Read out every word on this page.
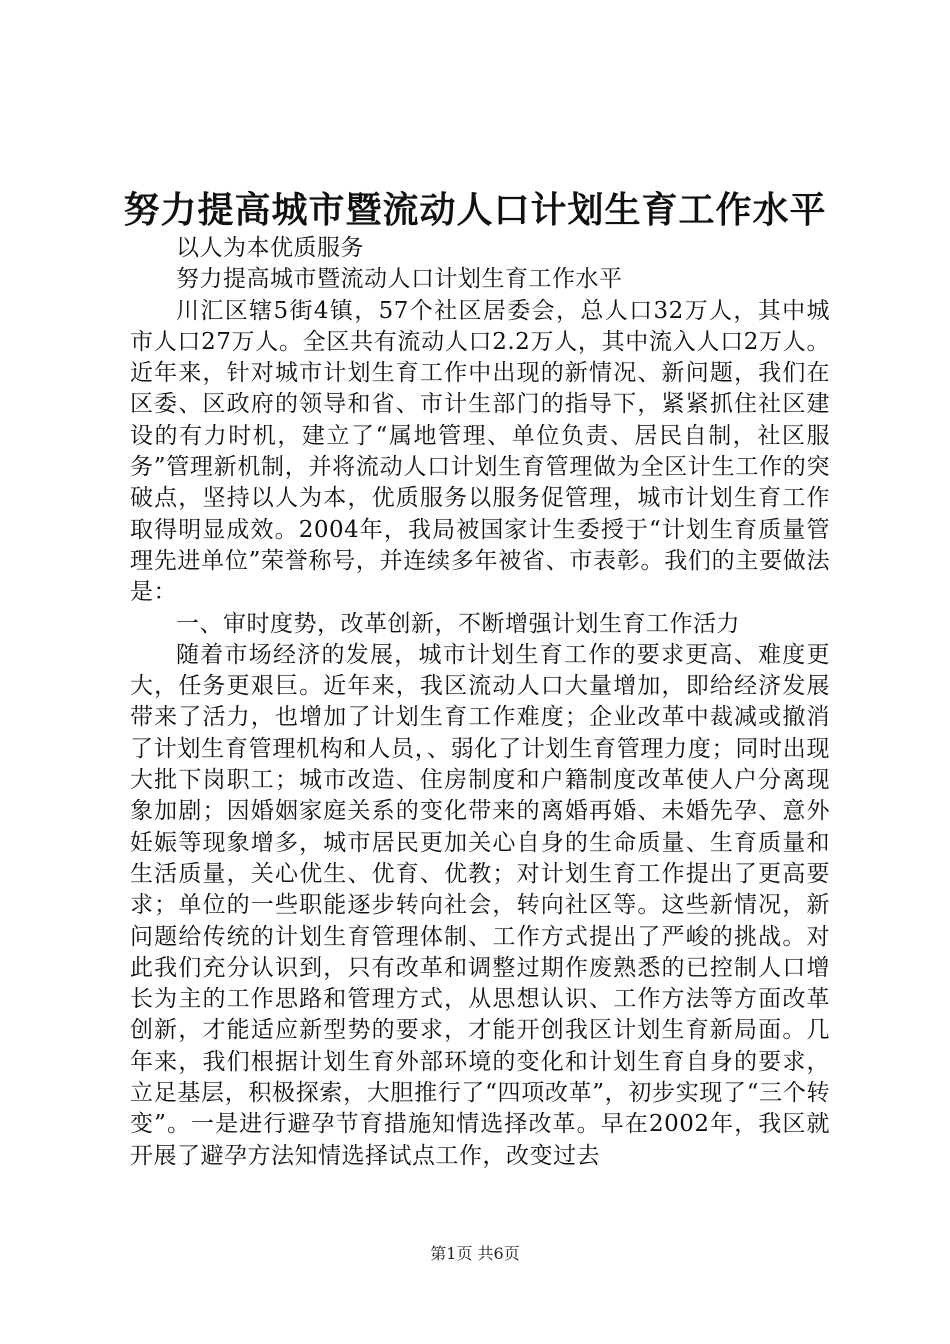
努力提高城市暨流动人口计划生育工作水平

以人为本优质服务

努力提高城市暨流动人口计划生育工作水平

川汇区辖5街4镇，57个社区居委会，总人口32万人，其中城市人口27万人。全区共有流动人口2.2万人，其中流入人口2万人。近年来，针对城市计划生育工作中出现的新情况、新问题，我们在区委、区政府的领导和省、市计生部门的指导下，紧紧抓住社区建设的有力时机，建立了“属地管理、单位负责、居民自制，社区服务”管理新机制，并将流动人口计划生育管理做为全区计生工作的突破点，坚持以人为本，优质服务以服务促管理，城市计划生育工作取得明显成效。2004年，我局被国家计生委授于“计划生育质量管理先进单位”荣誉称号，并连续多年被省、市表彰。我们的主要做法是：

一、审时度势，改革创新，不断增强计划生育工作活力

随着市场经济的发展，城市计划生育工作的要求更高、难度更大，任务更艰巨。近年来，我区流动人口大量增加，即给经济发展带来了活力，也增加了计划生育工作难度；企业改革中裁减或撤消了计划生育管理机构和人员，、弱化了计划生育管理力度；同时出现大批下岗职工；城市改造、住房制度和户籍制度改革使人户分离现象加剧；因婚姻家庭关系的变化带来的离婚再婚、未婚先孕、意外妊娠等现象增多，城市居民更加关心自身的生命质量、生育质量和生活质量，关心优生、优育、优教；对计划生育工作提出了更高要求；单位的一些职能逐步转向社会，转向社区等。这些新情况，新问题给传统的计划生育管理体制、工作方式提出了严峻的挑战。对此我们充分认识到，只有改革和调整过期作废熟悉的已控制人口增长为主的工作思路和管理方式，从思想认识、工作方法等方面改革创新，才能适应新型势的要求，才能开创我区计划生育新局面。几年来，我们根据计划生育外部环境的变化和计划生育自身的要求，立足基层，积极探索，大胆推行了“四项改革”，初步实现了“三个转变”。一是进行避孕节育措施知情选择改革。早在2002年，我区就开展了避孕方法知情选择试点工作，改变过去

第1页 共6页
